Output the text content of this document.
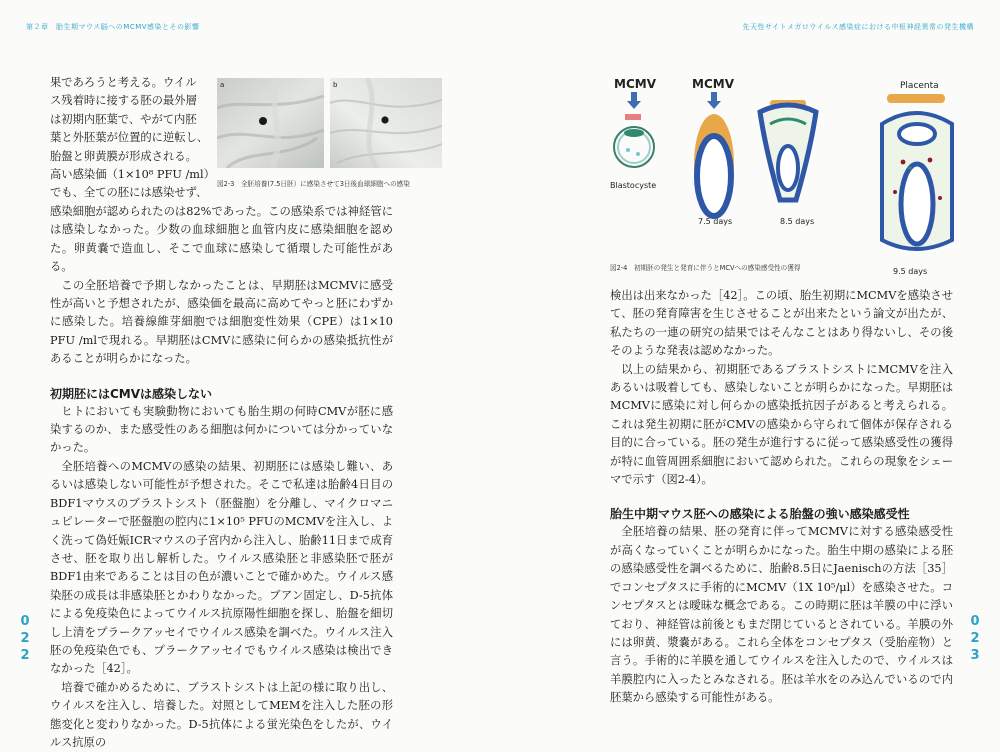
第２章　胎生期マウス脳へのMCMV感染とその影響
果であろうと考える。ウイル
ス残着時に接する胚の最外層
は初期内胚葉で、やがて内胚
葉と外胚葉が位置的に逆転し、
胎盤と卵黄膜が形成される。
高い感染価（1×10⁸ PFU /ml）
でも、全ての胚には感染せず、
a	b
図2-3　全胚培養(7.5日胚）に感染させて3日後血球細胞への感染

感染細胞が認められたのは82%であった。この感染系では神経管には感染しなかった。少数の血球細胞と血管内皮に感染細胞を認めた。卵黄嚢で造血し、そこで血球に感染して循環した可能性がある。

この全胚培養で予期しなかったことは、早期胚はMCMVに感受性が高いと予想されたが、感染価を最高に高めてやっと胚にわずかに感染した。培養線維芽細胞では細胞変性効果（CPE）は1×10 PFU /mlで現れる。早期胚はCMVに感染に何らかの感染抵抗性があることが明らかになった。

初期胚にはCMVは感染しない

ヒトにおいても実験動物においても胎生期の何時CMVが胚に感染するのか、また感受性のある細胞は何かについては分かっていなかった。

全胚培養へのMCMVの感染の結果、初期胚には感染し難い、あるいは感染しない可能性が予想された。そこで私達は胎齢4日目のBDF1マウスのブラストシスト（胚盤胞）を分離し、マイクロマニュピレーターで胚盤胞の腔内に1×10⁵ PFUのMCMVを注入し、よく洗って偽妊娠ICRマウスの子宮内から注入し、胎齢11日まで成育させ、胚を取り出し解析した。ウイルス感染胚と非感染胚で胚がBDF1由来であることは目の色が濃いことで確かめた。ウイルス感染胚の成長は非感染胚とかわりなかった。ブアン固定し、D-5抗体による免疫染色によってウイルス抗原陽性細胞を探し、胎盤を細切し上清をプラークアッセイでウイルス感染を調べた。ウイルス注入胚の免疫染色でも、プラークアッセイでもウイルス感染は検出できなかった［42］。

培養で確かめるために、ブラストシストは上記の様に取り出し、ウイルスを注入し、培養した。対照としてMEMを注入した胚の形態変化と変わりなかった。D-5抗体による蛍光染色をしたが、ウイルス抗原の

022
先天性サイトメガロウイルス感染症における中枢神経異常の発生機構
MCMV
Blastocyste
MCMV
7.5 days	8.5 days
Placenta
9.5 days
図2-4　初期胚の発生と発育に伴うとMCVへの感染感受性の獲得

検出は出来なかった［42］。この頃、胎生初期にMCMVを感染させて、胚の発育障害を生じさせることが出来たという論文が出たが、私たちの一連の研究の結果ではそんなことはあり得ないし、その後そのような発表は認めなかった。

以上の結果から、初期胚であるブラストシストにMCMVを注入あるいは吸着しても、感染しないことが明らかになった。早期胚はMCMVに感染に対し何らかの感染抵抗因子があると考えられる。これは発生初期に胚がCMVの感染から守られて個体が保存される目的に合っている。胚の発生が進行するに従って感染感受性の獲得が特に血管周囲系細胞において認められた。これらの現象をシェーマで示す（図2-4）。

胎生中期マウス胚への感染による胎盤の強い感染感受性

全胚培養の結果、胚の発育に伴ってMCMVに対する感染感受性が高くなっていくことが明らかになった。胎生中期の感染による胚の感染感受性を調べるために、胎齢8.5日にJaenischの方法［35］でコンセプタスに手術的にMCMV（1X 10⁵/μl）を感染させた。コンセプタスとは曖昧な概念である。この時期に胚は羊膜の中に浮いており、神経管は前後ともまだ閉じているとされている。羊膜の外には卵黄、漿嚢がある。これら全体をコンセプタス（受胎産物）と言う。手術的に羊膜を通してウイルスを注入したので、ウイルスは羊膜腔内に入ったとみなされる。胚は羊水をのみ込んでいるので内胚葉から感染する可能性がある。

023
